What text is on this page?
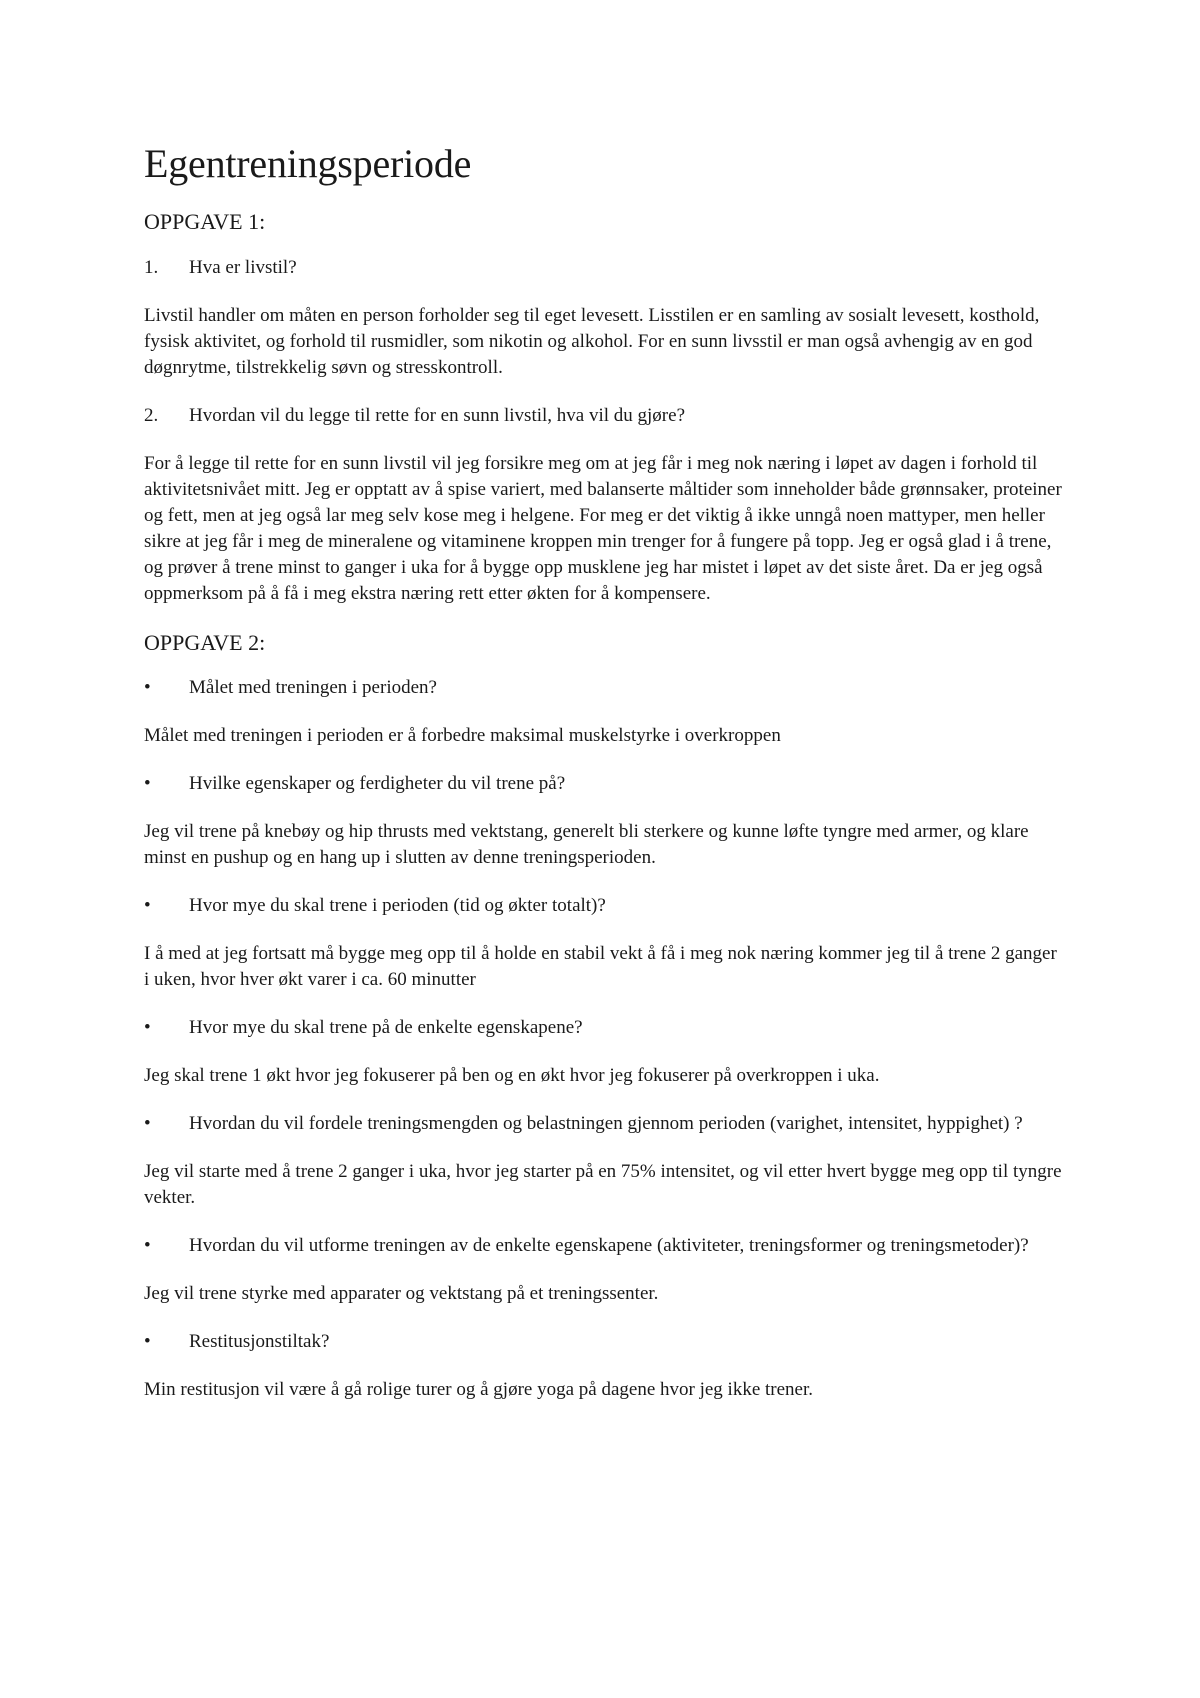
Egentreningsperiode
OPPGAVE 1:
1. Hva er livstil?

Livstil handler om måten en person forholder seg til eget levesett. Lisstilen er en samling av sosialt levesett, kosthold, fysisk aktivitet, og forhold til rusmidler, som nikotin og alkohol. For en sunn livsstil er man også avhengig av en god døgnrytme, tilstrekkelig søvn og stresskontroll.

2. Hvordan vil du legge til rette for en sunn livstil, hva vil du gjøre?

For å legge til rette for en sunn livstil vil jeg forsikre meg om at jeg får i meg nok næring i løpet av dagen i forhold til aktivitetsnivået mitt. Jeg er opptatt av å spise variert, med balanserte måltider som inneholder både grønnsaker, proteiner og fett, men at jeg også lar meg selv kose meg i helgene. For meg er det viktig å ikke unngå noen mattyper, men heller sikre at jeg får i meg de mineralene og vitaminene kroppen min trenger for å fungere på topp. Jeg er også glad i å trene, og prøver å trene minst to ganger i uka for å bygge opp musklene jeg har mistet i løpet av det siste året. Da er jeg også oppmerksom på å få i meg ekstra næring rett etter økten for å kompensere.

OPPGAVE 2:
• Målet med treningen i perioden?

Målet med treningen i perioden er å forbedre maksimal muskelstyrke i overkroppen

• Hvilke egenskaper og ferdigheter du vil trene på?

Jeg vil trene på knebøy og hip thrusts med vektstang, generelt bli sterkere og kunne løfte tyngre med armer, og klare minst en pushup og en hang up i slutten av denne treningsperioden.

• Hvor mye du skal trene i perioden (tid og økter totalt)?

I å med at jeg fortsatt må bygge meg opp til å holde en stabil vekt å få i meg nok næring kommer jeg til å trene 2 ganger i uken, hvor hver økt varer i ca. 60 minutter

• Hvor mye du skal trene på de enkelte egenskapene?

Jeg skal trene 1 økt hvor jeg fokuserer på ben og en økt hvor jeg fokuserer på overkroppen i uka.

• Hvordan du vil fordele treningsmengden og belastningen gjennom perioden (varighet, intensitet, hyppighet) ?

Jeg vil starte med å trene 2 ganger i uka, hvor jeg starter på en 75% intensitet, og vil etter hvert bygge meg opp til tyngre vekter.

• Hvordan du vil utforme treningen av de enkelte egenskapene (aktiviteter, treningsformer og treningsmetoder)?

Jeg vil trene styrke med apparater og vektstang på et treningssenter.

• Restitusjonstiltak?

Min restitusjon vil være å gå rolige turer og å gjøre yoga på dagene hvor jeg ikke trener.
